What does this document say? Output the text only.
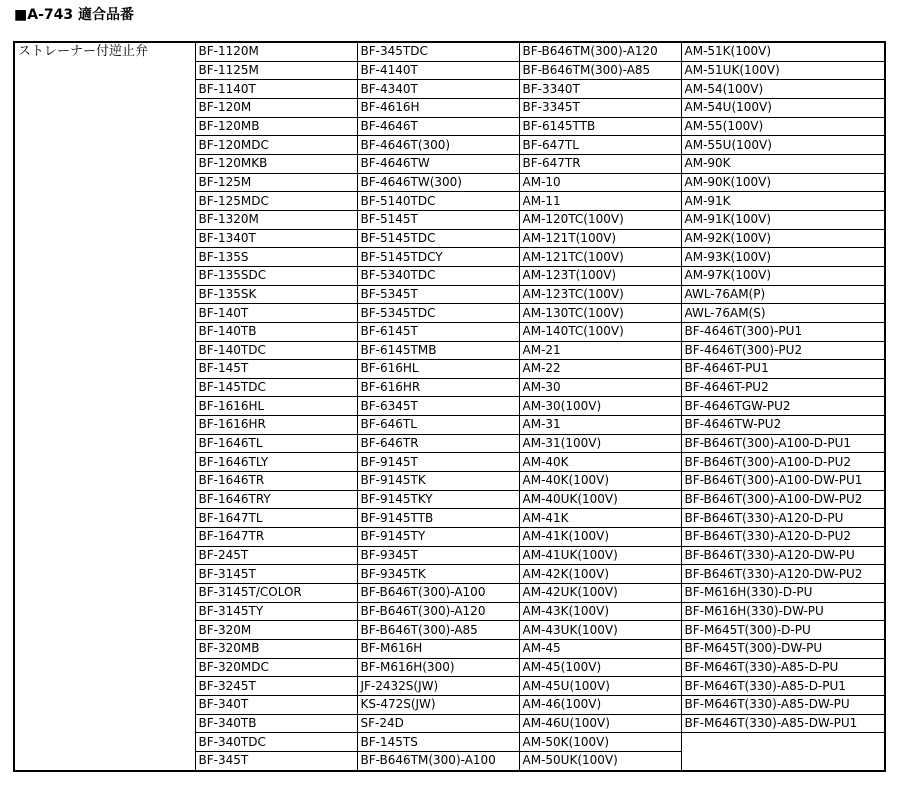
■A-743 適合品番
ストレーナー付逆止弁	BF-1120M	BF-345TDC	BF-B646TM(300)-A120	AM-51K(100V)
	BF-1125M	BF-4140T	BF-B646TM(300)-A85	AM-51UK(100V)
	BF-1140T	BF-4340T	BF-3340T	AM-54(100V)
	BF-120M	BF-4616H	BF-3345T	AM-54U(100V)
	BF-120MB	BF-4646T	BF-6145TTB	AM-55(100V)
	BF-120MDC	BF-4646T(300)	BF-647TL	AM-55U(100V)
	BF-120MKB	BF-4646TW	BF-647TR	AM-90K
	BF-125M	BF-4646TW(300)	AM-10	AM-90K(100V)
	BF-125MDC	BF-5140TDC	AM-11	AM-91K
	BF-1320M	BF-5145T	AM-120TC(100V)	AM-91K(100V)
	BF-1340T	BF-5145TDC	AM-121T(100V)	AM-92K(100V)
	BF-135S	BF-5145TDCY	AM-121TC(100V)	AM-93K(100V)
	BF-135SDC	BF-5340TDC	AM-123T(100V)	AM-97K(100V)
	BF-135SK	BF-5345T	AM-123TC(100V)	AWL-76AM(P)
	BF-140T	BF-5345TDC	AM-130TC(100V)	AWL-76AM(S)
	BF-140TB	BF-6145T	AM-140TC(100V)	BF-4646T(300)-PU1
	BF-140TDC	BF-6145TMB	AM-21	BF-4646T(300)-PU2
	BF-145T	BF-616HL	AM-22	BF-4646T-PU1
	BF-145TDC	BF-616HR	AM-30	BF-4646T-PU2
	BF-1616HL	BF-6345T	AM-30(100V)	BF-4646TGW-PU2
	BF-1616HR	BF-646TL	AM-31	BF-4646TW-PU2
	BF-1646TL	BF-646TR	AM-31(100V)	BF-B646T(300)-A100-D-PU1
	BF-1646TLY	BF-9145T	AM-40K	BF-B646T(300)-A100-D-PU2
	BF-1646TR	BF-9145TK	AM-40K(100V)	BF-B646T(300)-A100-DW-PU1
	BF-1646TRY	BF-9145TKY	AM-40UK(100V)	BF-B646T(300)-A100-DW-PU2
	BF-1647TL	BF-9145TTB	AM-41K	BF-B646T(330)-A120-D-PU
	BF-1647TR	BF-9145TY	AM-41K(100V)	BF-B646T(330)-A120-D-PU2
	BF-245T	BF-9345T	AM-41UK(100V)	BF-B646T(330)-A120-DW-PU
	BF-3145T	BF-9345TK	AM-42K(100V)	BF-B646T(330)-A120-DW-PU2
	BF-3145T/COLOR	BF-B646T(300)-A100	AM-42UK(100V)	BF-M616H(330)-D-PU
	BF-3145TY	BF-B646T(300)-A120	AM-43K(100V)	BF-M616H(330)-DW-PU
	BF-320M	BF-B646T(300)-A85	AM-43UK(100V)	BF-M645T(300)-D-PU
	BF-320MB	BF-M616H	AM-45	BF-M645T(300)-DW-PU
	BF-320MDC	BF-M616H(300)	AM-45(100V)	BF-M646T(330)-A85-D-PU
	BF-3245T	JF-2432S(JW)	AM-45U(100V)	BF-M646T(330)-A85-D-PU1
	BF-340T	KS-472S(JW)	AM-46(100V)	BF-M646T(330)-A85-DW-PU
	BF-340TB	SF-24D	AM-46U(100V)	BF-M646T(330)-A85-DW-PU1
	BF-340TDC	BF-145TS	AM-50K(100V)	
	BF-345T	BF-B646TM(300)-A100	AM-50UK(100V)	
